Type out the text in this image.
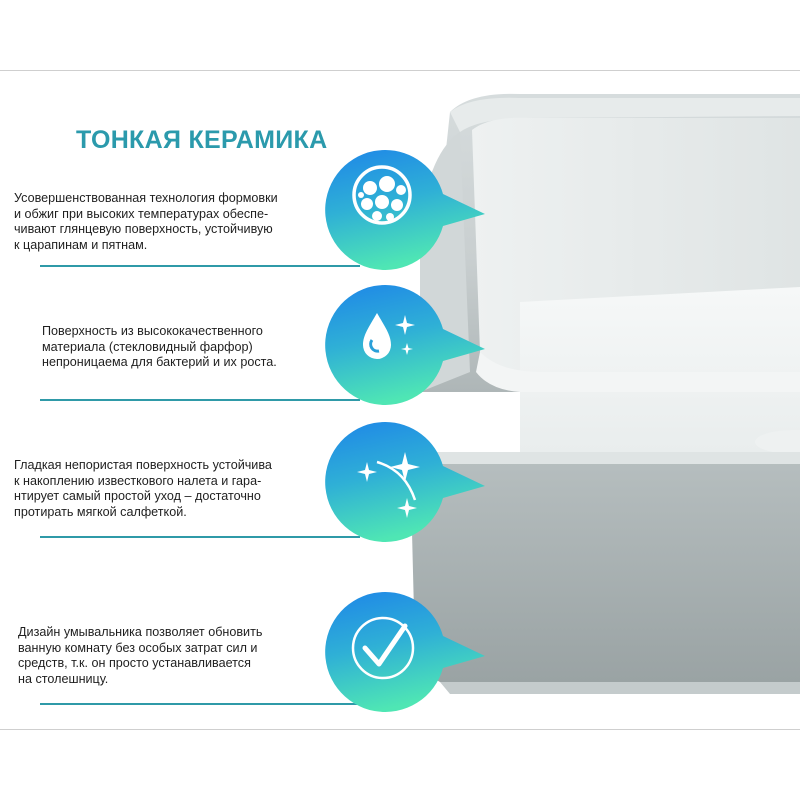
ТОНКАЯ КЕРАМИКА
Усовершенствованная технология формовки
и обжиг при высоких температурах обеспе-
чивают глянцевую поверхность, устойчивую
к царапинам и пятнам.
Поверхность из высококачественного
материала (стекловидный фарфор)
непроницаема для бактерий и их роста.
Гладкая непористая поверхность устойчива
к накоплению известкового налета и гара-
нтирует самый простой уход – достаточно
протирать мягкой салфеткой.
Дизайн умывальника позволяет обновить
ванную комнату без особых затрат сил и
средств, т.к. он просто устанавливается
на столешницу.
